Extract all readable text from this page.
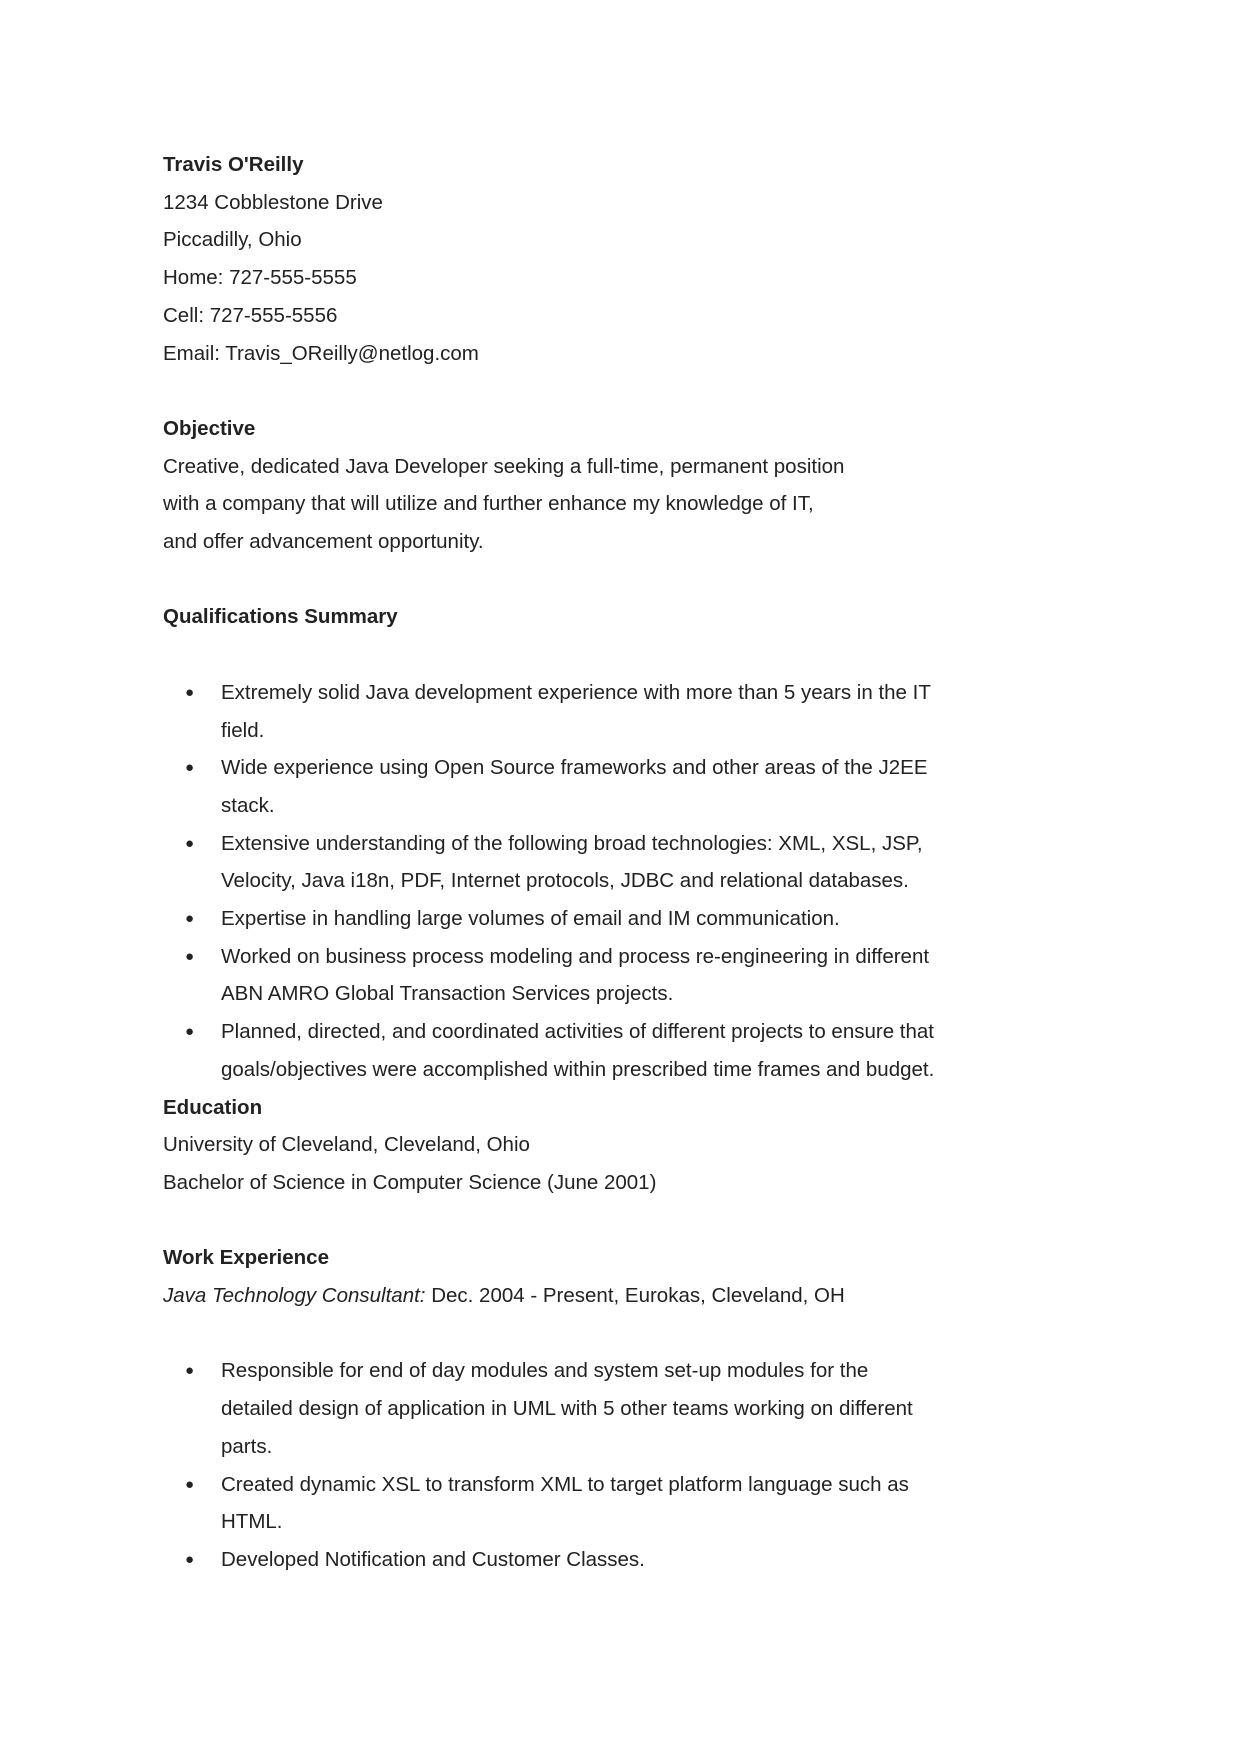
Travis O'Reilly
1234 Cobblestone Drive
Piccadilly, Ohio
Home: 727-555-5555
Cell: 727-555-5556
Email: Travis_OReilly@netlog.com
Objective

Creative, dedicated Java Developer seeking a full-time, permanent position with a company that will utilize and further enhance my knowledge of IT, and offer advancement opportunity.

Qualifications Summary
● Extremely solid Java development experience with more than 5 years in the IT field.
● Wide experience using Open Source frameworks and other areas of the J2EE stack.
● Extensive understanding of the following broad technologies: XML, XSL, JSP, Velocity, Java i18n, PDF, Internet protocols, JDBC and relational databases.
● Expertise in handling large volumes of email and IM communication.
● Worked on business process modeling and process re-engineering in different ABN AMRO Global Transaction Services projects.
● Planned, directed, and coordinated activities of different projects to ensure that goals/objectives were accomplished within prescribed time frames and budget.
Education
University of Cleveland, Cleveland, Ohio
Bachelor of Science in Computer Science (June 2001)
Work Experience
Java Technology Consultant: Dec. 2004 - Present, Eurokas, Cleveland, OH
● Responsible for end of day modules and system set-up modules for the detailed design of application in UML with 5 other teams working on different parts.
● Created dynamic XSL to transform XML to target platform language such as HTML.
● Developed Notification and Customer Classes.
